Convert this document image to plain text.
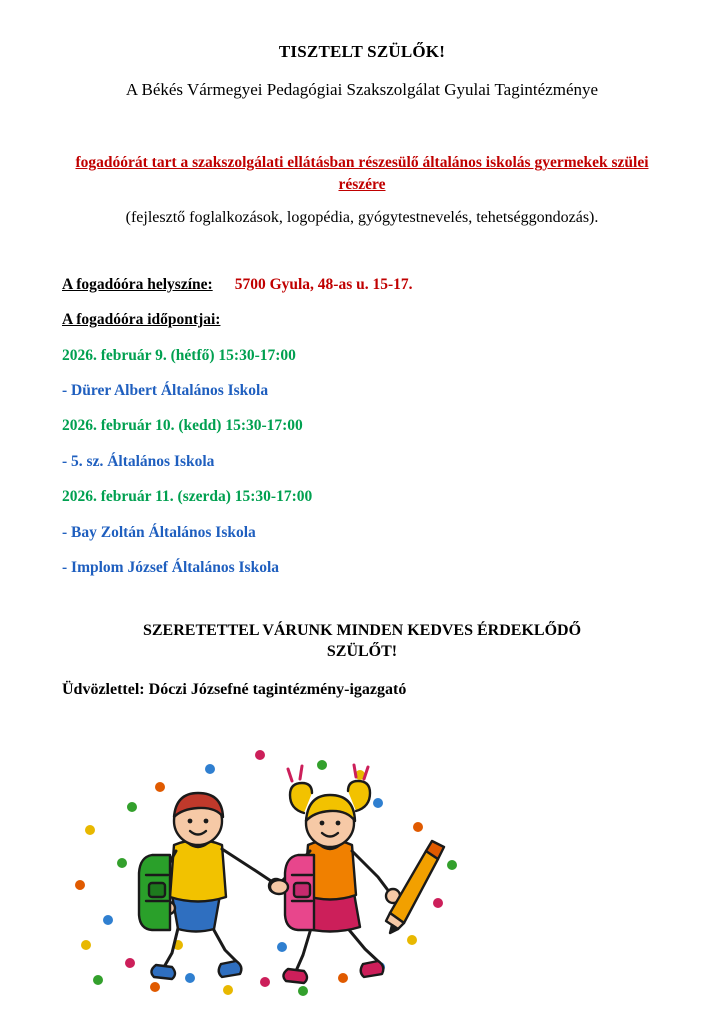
TISZTELT SZÜLŐK!

A Békés Vármegyei Pedagógiai Szakszolgálat Gyulai Tagintézménye

fogadóórát tart a szakszolgálati ellátásban részesülő általános iskolás gyermekek szülei részére

(fejlesztő foglalkozások, logopédia, gyógytestnevelés, tehetséggondozás).

A fogadóóra helyszíne: 5700 Gyula, 48-as u. 15-17.
A fogadóóra időpontjai:
2026. február 9. (hétfő) 15:30-17:00
- Dürer Albert Általános Iskola
2026. február 10. (kedd) 15:30-17:00
- 5. sz. Általános Iskola
2026. február 11. (szerda) 15:30-17:00
- Bay Zoltán Általános Iskola
- Implom József Általános Iskola
SZERETETTEL VÁRUNK MINDEN KEDVES ÉRDEKLŐDŐ
SZÜLŐT!

Üdvözlettel: Dóczi Józsefné tagintézmény-igazgató
